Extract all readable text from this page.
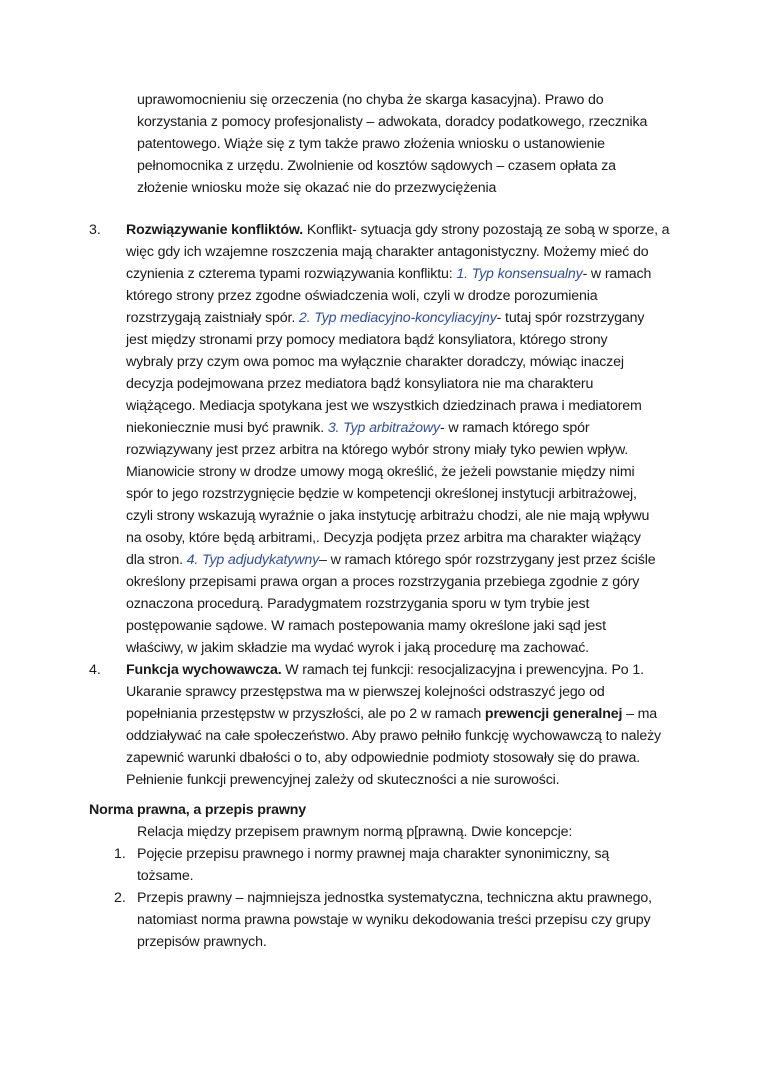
uprawomocnieniu się orzeczenia (no chyba że skarga kasacyjna). Prawo do
korzystania z pomocy profesjonalisty – adwokata, doradcy podatkowego, rzecznika
patentowego. Wiąże się z tym także prawo złożenia wniosku o ustanowienie
pełnomocnika z urzędu. Zwolnienie od kosztów sądowych – czasem opłata za
złożenie wniosku może się okazać nie do przezwyciężenia
3. Rozwiązywanie konfliktów. Konflikt- sytuacja gdy strony pozostają ze sobą w sporze, a
więc gdy ich wzajemne roszczenia mają charakter antagonistyczny. Możemy mieć do
czynienia z czterema typami rozwiązywania konfliktu: 1. Typ konsensualny- w ramach
którego strony przez zgodne oświadczenia woli, czyli w drodze porozumienia
rozstrzygają zaistniały spór. 2. Typ mediacyjno-koncyliacyjny- tutaj spór rozstrzygany
jest między stronami przy pomocy mediatora bądź konsyliatora, którego strony
wybraly przy czym owa pomoc ma wyłącznie charakter doradczy, mówiąc inaczej
decyzja podejmowana przez mediatora bądź konsyliatora nie ma charakteru
wiążącego. Mediacja spotykana jest we wszystkich dziedzinach prawa i mediatorem
niekoniecznie musi być prawnik. 3. Typ arbitrażowy- w ramach którego spór
rozwiązywany jest przez arbitra na którego wybór strony miały tyko pewien wpływ.
Mianowicie strony w drodze umowy mogą określić, że jeżeli powstanie między nimi
spór to jego rozstrzygnięcie będzie w kompetencji określonej instytucji arbitrażowej,
czyli strony wskazują wyraźnie o jaka instytucję arbitrażu chodzi, ale nie mają wpływu
na osoby, które będą arbitrami,. Decyzja podjęta przez arbitra ma charakter wiążący
dla stron. 4. Typ adjudykatywny– w ramach którego spór rozstrzygany jest przez ściśle
określony przepisami prawa organ a proces rozstrzygania przebiega zgodnie z góry
oznaczona procedurą. Paradygmatem rozstrzygania sporu w tym trybie jest
postępowanie sądowe. W ramach postepowania mamy określone jaki sąd jest
właściwy, w jakim składzie ma wydać wyrok i jaką procedurę ma zachować.
4. Funkcja wychowawcza. W ramach tej funkcji: resocjalizacyjna i prewencyjna. Po 1.
Ukaranie sprawcy przestępstwa ma w pierwszej kolejności odstraszyć jego od
popełniania przestępstw w przyszłości, ale po 2 w ramach prewencji generalnej – ma
oddziaływać na całe społeczeństwo. Aby prawo pełniło funkcję wychowawczą to należy
zapewnić warunki dbałości o to, aby odpowiednie podmioty stosowały się do prawa.
Pełnienie funkcji prewencyjnej zależy od skuteczności a nie surowości.
Norma prawna, a przepis prawny
Relacja między przepisem prawnym normą p[prawną. Dwie koncepcje:
1. Pojęcie przepisu prawnego i normy prawnej maja charakter synonimiczny, są
tożsame.
2. Przepis prawny – najmniejsza jednostka systematyczna, techniczna aktu prawnego,
natomiast norma prawna powstaje w wyniku dekodowania treści przepisu czy grupy
przepisów prawnych.
